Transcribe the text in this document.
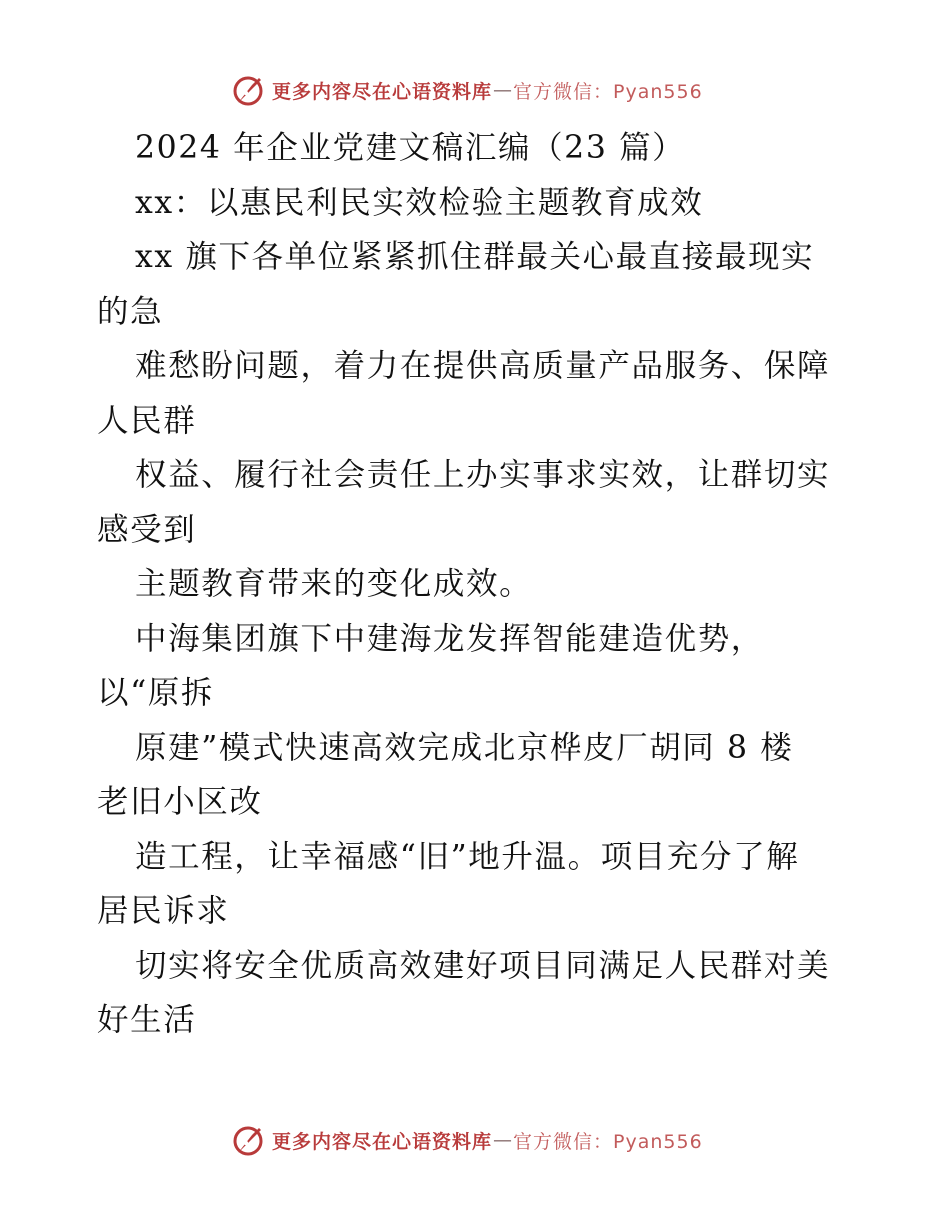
更多内容尽在心语资料库 — 官方微信：Pyan556
2024 年企业党建文稿汇编（23 篇）
xx：以惠民利民实效检验主题教育成效
xx 旗下各单位紧紧抓住群最关心最直接最现实
的急
难愁盼问题，着力在提供高质量产品服务、保障
人民群
权益、履行社会责任上办实事求实效，让群切实
感受到
主题教育带来的变化成效。
中海集团旗下中建海龙发挥智能建造优势，
以“原拆
原建”模式快速高效完成北京桦皮厂胡同 8 楼
老旧小区改
造工程，让幸福感“旧”地升温。项目充分了解
居民诉求
切实将安全优质高效建好项目同满足人民群对美
好生活
更多内容尽在心语资料库 — 官方微信：Pyan556
